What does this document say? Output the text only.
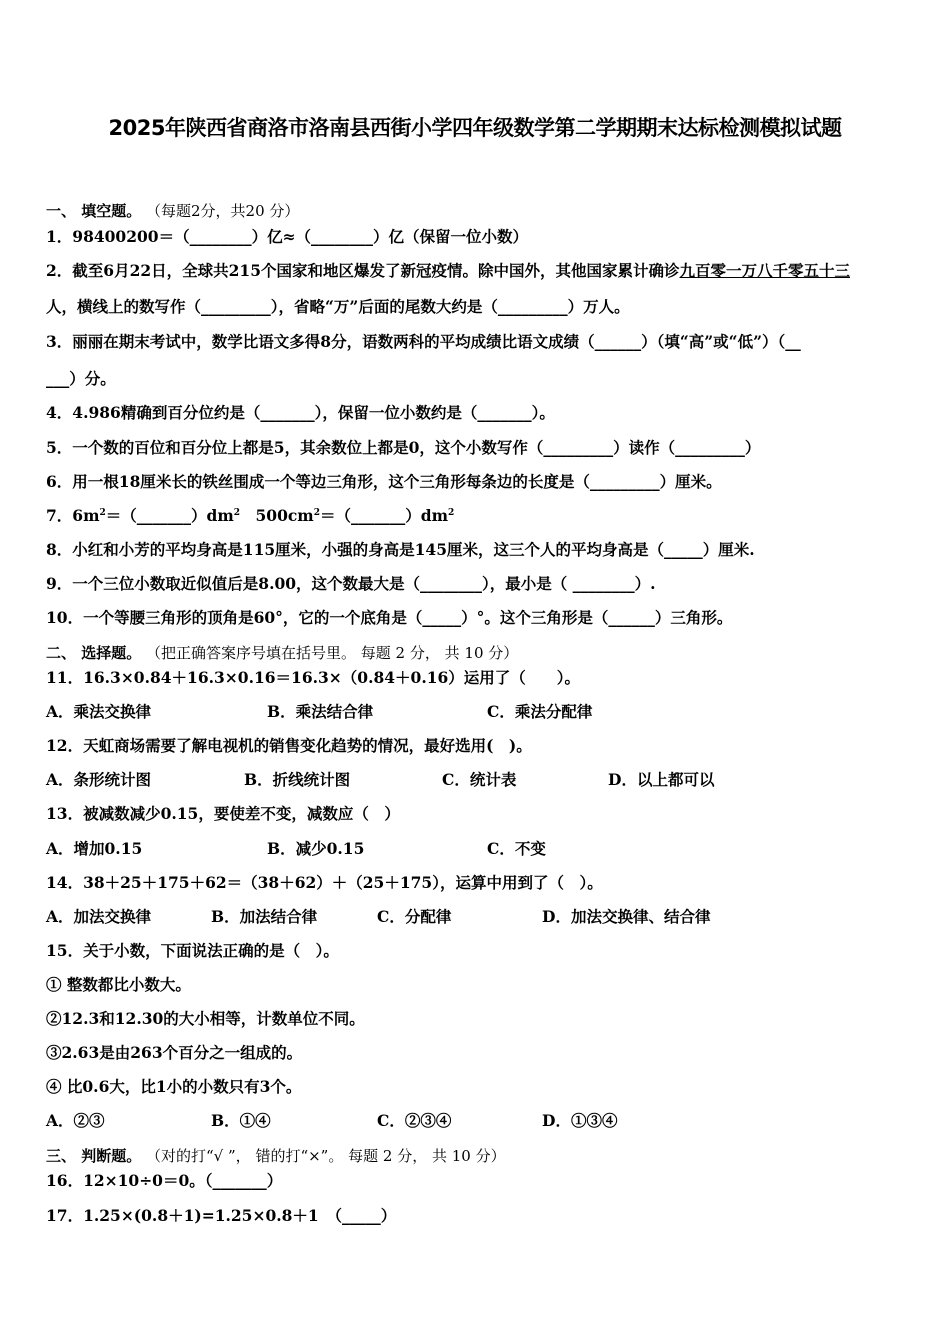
2025年陕西省商洛市洛南县西街小学四年级数学第二学期期末达标检测模拟试题
一、 填空题。 （每题2分，共20 分）
1．98400200＝（________）亿≈（________）亿（保留一位小数）
2．截至6月22日，全球共215个国家和地区爆发了新冠疫情。除中国外，其他国家累计确诊九百零一万八千零五十三
人，横线上的数写作（_________），省略“万”后面的尾数大约是（_________）万人。
3．丽丽在期末考试中，数学比语文多得8分，语数两科的平均成绩比语文成绩（______）（填“高”或“低”）（__
___）分。
4．4.986精确到百分位约是（_______），保留一位小数约是（_______）。
5．一个数的百位和百分位上都是5，其余数位上都是0，这个小数写作（_________）读作（_________）
6．用一根18厘米长的铁丝围成一个等边三角形，这个三角形每条边的长度是（_________）厘米。
7．$6m^2=(\_\_\_\_\_\_\_)dm^2$　$500cm^2=(\_\_\_\_\_\_\_)dm^2$
8．小红和小芳的平均身高是115厘米，小强的身高是145厘米，这三个人的平均身高是（_____）厘米.
9．一个三位小数取近似值后是8.00，这个数最大是（________），最小是（ ________）.
10．一个等腰三角形的顶角是60°，它的一个底角是（_____）°。这个三角形是（______）三角形。
二、 选择题。 （把正确答案序号填在括号里。 每题 2 分， 共 10 分）
11．16.3×0.84＋16.3×0.16＝16.3×（0.84＋0.16）运用了（　　）。
A．乘法交换律	B．乘法结合律	C．乘法分配律
12．天虹商场需要了解电视机的销售变化趋势的情况，最好选用(　)。
A．条形统计图	B．折线统计图	C．统计表	D．以上都可以
13．被减数减少0.15，要使差不变，减数应（　）
A．增加0.15	B．减少0.15	C．不变
14．38＋25＋175＋62＝（38＋62）＋（25＋175），运算中用到了（　）。
A．加法交换律	B．加法结合律	C．分配律	D．加法交换律、结合律
15．关于小数，下面说法正确的是（　）。
① 整数都比小数大。
②12.3和12.30的大小相等，计数单位不同。
③2.63是由263个百分之一组成的。
④ 比0.6大，比1小的小数只有3个。
A．②③	B．①④	C．②③④	D．①③④
三、 判断题。 （对的打“√ ”， 错的打“×”。 每题 2 分， 共 10 分）
16．12×10÷0＝0。（_______）
17．1.25×(0.8＋1)=1.25×0.8＋1　（_____）
